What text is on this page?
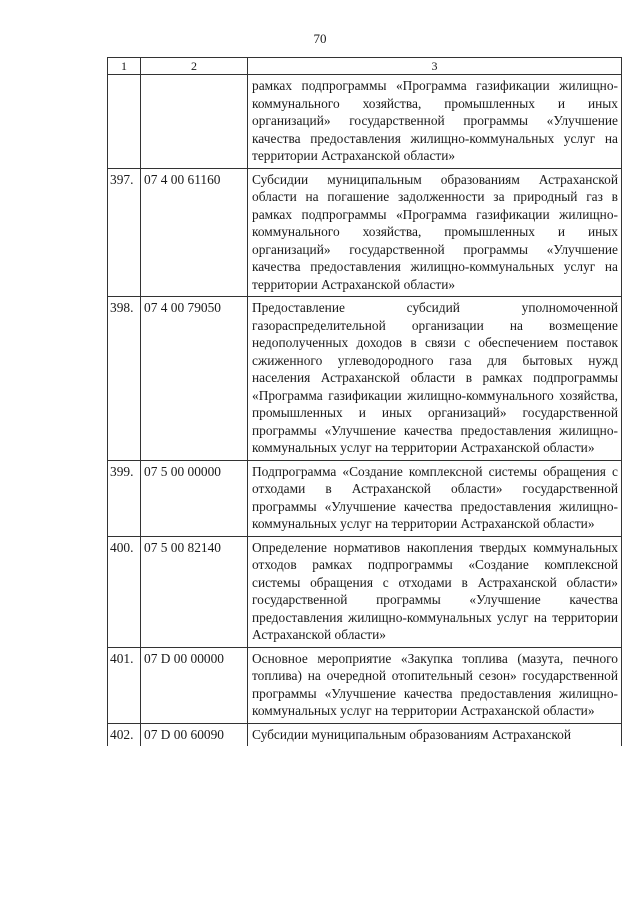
70
1	2	3
		рамках подпрограммы «Программа газификации жилищно-коммунального хозяйства, промышленных и иных организаций» государственной программы «Улучшение качества предоставления жилищно-коммунальных услуг на территории Астраханской области»
397.	07 4 00 61160	Субсидии муниципальным образованиям Астраханской области на погашение задолженности за природный газ в рамках подпрограммы «Программа газификации жилищно-коммунального хозяйства, промышленных и иных организаций» государственной программы «Улучшение качества предоставления жилищно-коммунальных услуг на территории Астраханской области»
398.	07 4 00 79050	Предоставление субсидий уполномоченной газораспределительной организации на возмещение недополученных доходов в связи с обеспечением поставок сжиженного углеводородного газа для бытовых нужд населения Астраханской области в рамках подпрограммы «Программа газификации жилищно-коммунального хозяйства, промышленных и иных организаций» государственной программы «Улучшение качества предоставления жилищно-коммунальных услуг на территории Астраханской области»
399.	07 5 00 00000	Подпрограмма «Создание комплексной системы обращения с отходами в Астраханской области» государственной программы «Улучшение качества предоставления жилищно-коммунальных услуг на территории Астраханской области»
400.	07 5 00 82140	Определение нормативов накопления твердых коммунальных отходов рамках подпрограммы «Создание комплексной системы обращения с отходами в Астраханской области» государственной программы «Улучшение качества предоставления жилищно-коммунальных услуг на территории Астраханской области»
401.	07 D 00 00000	Основное мероприятие «Закупка топлива (мазута, печного топлива) на очередной отопительный сезон» государственной программы «Улучшение качества предоставления жилищно-коммунальных услуг на территории Астраханской области»
402.	07 D 00 60090	Субсидии муниципальным образованиям Астраханской
